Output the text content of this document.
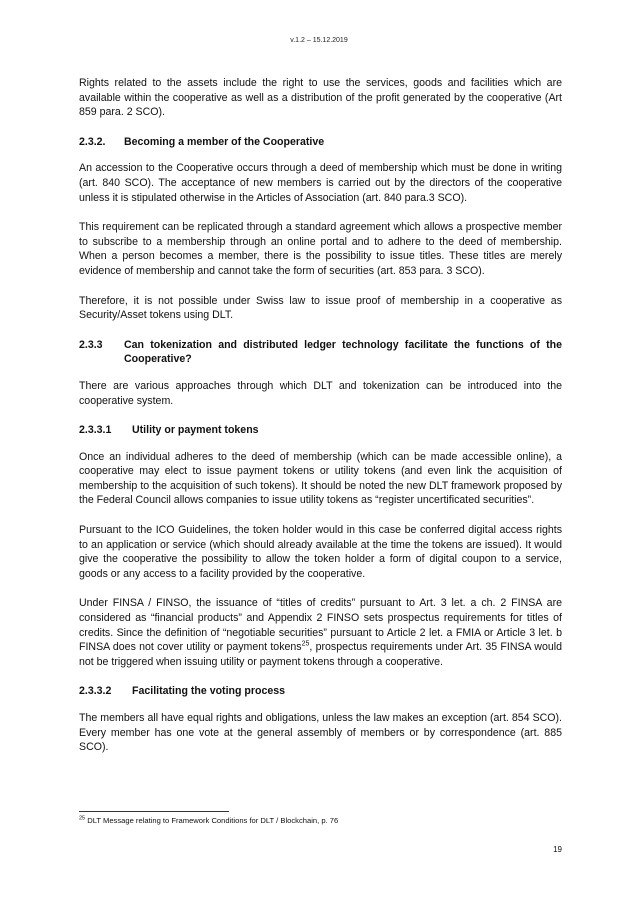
v.1.2 – 15.12.2019

Rights related to the assets include the right to use the services, goods and facilities which are available within the cooperative as well as a distribution of the profit generated by the cooperative (Art 859 para. 2 SCO).

2.3.2.	Becoming a member of the Cooperative

An accession to the Cooperative occurs through a deed of membership which must be done in writing (art. 840 SCO). The acceptance of new members is carried out by the directors of the cooperative unless it is stipulated otherwise in the Articles of Association (art. 840 para.3 SCO).

This requirement can be replicated through a standard agreement which allows a prospective member to subscribe to a membership through an online portal and to adhere to the deed of membership. When a person becomes a member, there is the possibility to issue titles. These titles are merely evidence of membership and cannot take the form of securities (art. 853 para. 3 SCO).

Therefore, it is not possible under Swiss law to issue proof of membership in a cooperative as Security/Asset tokens using DLT.

2.3.3	Can tokenization and distributed ledger technology facilitate the functions of the Cooperative?

There are various approaches through which DLT and tokenization can be introduced into the cooperative system.

2.3.3.1	Utility or payment tokens

Once an individual adheres to the deed of membership (which can be made accessible online), a cooperative may elect to issue payment tokens or utility tokens (and even link the acquisition of membership to the acquisition of such tokens). It should be noted the new DLT framework proposed by the Federal Council allows companies to issue utility tokens as “register uncertificated securities”.

Pursuant to the ICO Guidelines, the token holder would in this case be conferred digital access rights to an application or service (which should already available at the time the tokens are issued). It would give the cooperative the possibility to allow the token holder a form of digital coupon to a service, goods or any access to a facility provided by the cooperative.

Under FINSA / FINSO, the issuance of “titles of credits” pursuant to Art. 3 let. a ch. 2 FINSA are considered as “financial products” and Appendix 2 FINSO sets prospectus requirements for titles of credits. Since the definition of “negotiable securities” pursuant to Article 2 let. a FMIA or Article 3 let. b FINSA does not cover utility or payment tokens$^{25}$, prospectus requirements under Art. 35 FINSA would not be triggered when issuing utility or payment tokens through a cooperative.

2.3.3.2	Facilitating the voting process

The members all have equal rights and obligations, unless the law makes an exception (art. 854 SCO). Every member has one vote at the general assembly of members or by correspondence (art. 885 SCO).

$^{25}$ DLT Message relating to Framework Conditions for DLT / Blockchain, p. 76
19
